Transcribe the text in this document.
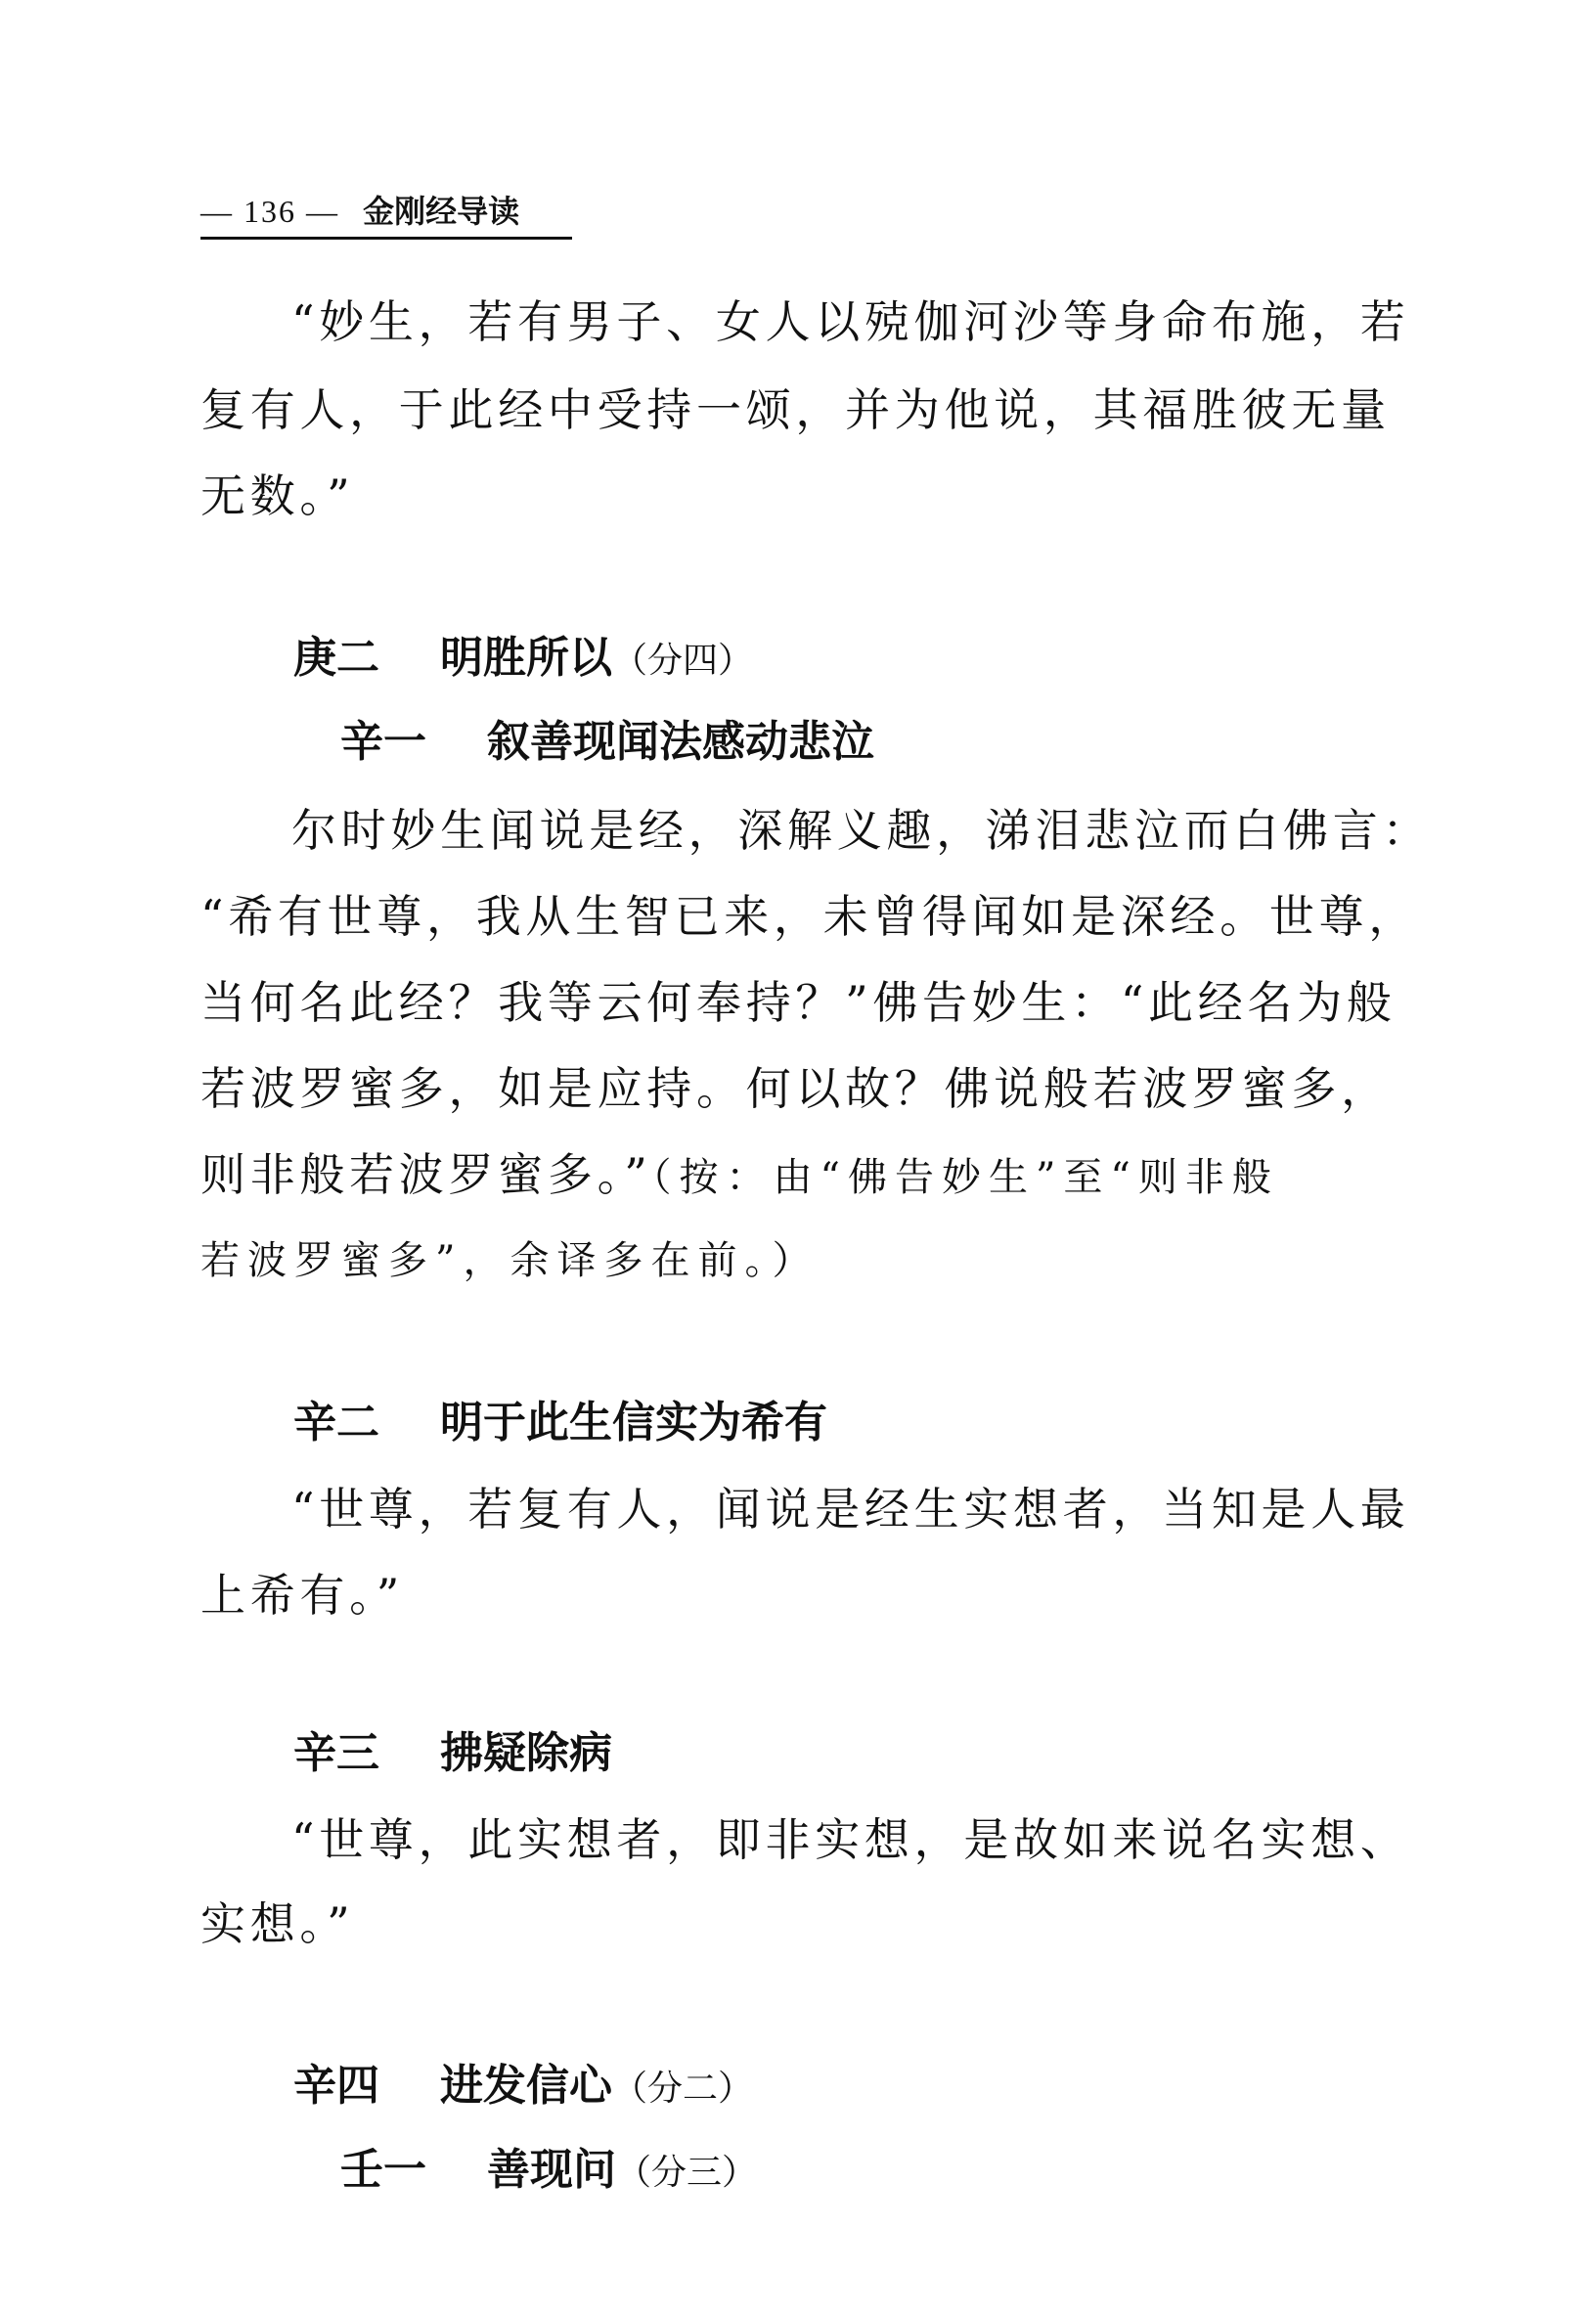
— 136 — 金刚经导读
“妙生，若有男子、女人以殑伽河沙等身命布施，若
复有人，于此经中受持一颂，并为他说，其福胜彼无量
无数。”
庚二 明胜所以（分四）
辛一 叙善现闻法感动悲泣
尔时妙生闻说是经，深解义趣，涕泪悲泣而白佛言：
“希有世尊，我从生智已来，未曾得闻如是深经。世尊，
当何名此经？我等云何奉持？”佛告妙生：“此经名为般
若波罗蜜多，如是应持。何以故？佛说般若波罗蜜多，
则非般若波罗蜜多。”（按：由“佛告妙生”至“则非般
若波罗蜜多”，余译多在前。）
辛二 明于此生信实为希有
“世尊，若复有人，闻说是经生实想者，当知是人最
上希有。”
辛三 拂疑除病
“世尊，此实想者，即非实想，是故如来说名实想、
实想。”
辛四 进发信心（分二）
壬一 善现问（分三）
